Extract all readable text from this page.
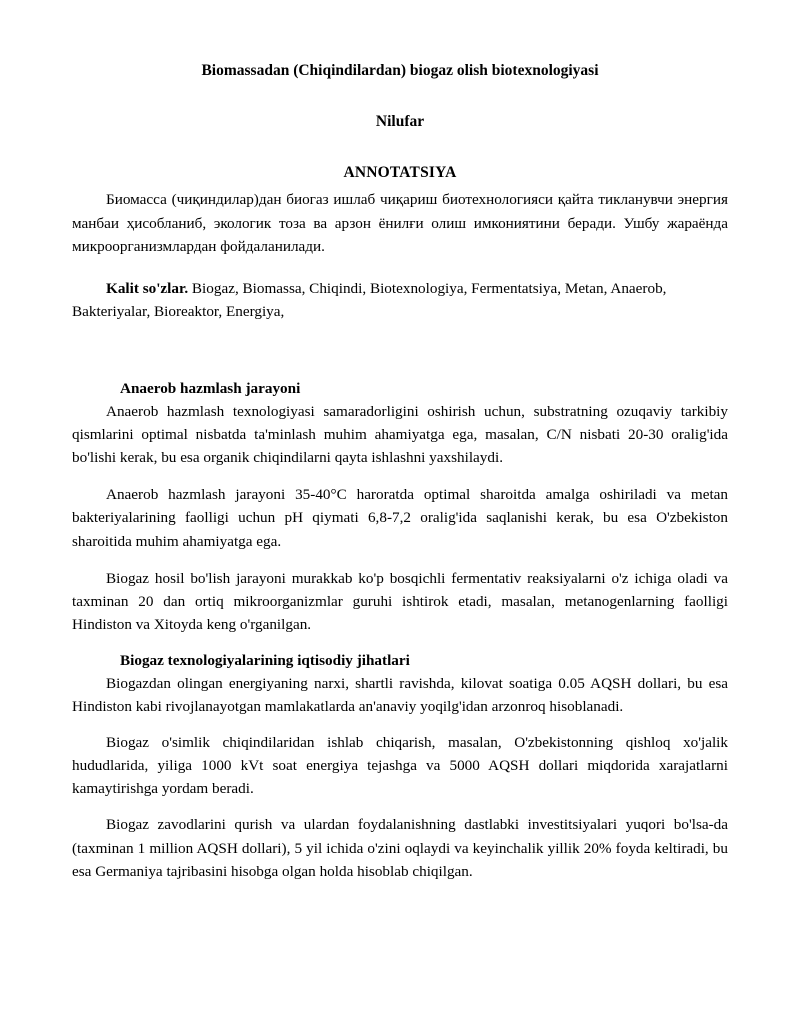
Biomassadan (Chiqindilardan) biogaz olish biotexnologiyasi
Nilufar
ANNOTATSIYA

Биомасса (чиқиндилар)дан биогаз ишлаб чиқариш биотехнологияси қайта тикланувчи энергия манбаи ҳисобланиб, экологик тоза ва арзон ёнилғи олиш имкониятини беради. Ушбу жараёнда микроорганизмлардан фойдаланилади.

Kalit so'zlar. Biogaz, Biomassa, Chiqindi, Biotexnologiya, Fermentatsiya, Metan, Anaerob, Bakteriyalar, Bioreaktor, Energiya,

Anaerob hazmlash jarayoni

Anaerob hazmlash texnologiyasi samaradorligini oshirish uchun, substratning ozuqaviy tarkibiy qismlarini optimal nisbatda ta'minlash muhim ahamiyatga ega, masalan, C/N nisbati 20-30 oralig'ida bo'lishi kerak, bu esa organik chiqindilarni qayta ishlashni yaxshilaydi.

Anaerob hazmlash jarayoni 35-40°C haroratda optimal sharoitda amalga oshiriladi va metan bakteriyalarining faolligi uchun pH qiymati 6,8-7,2 oralig'ida saqlanishi kerak, bu esa O'zbekiston sharoitida muhim ahamiyatga ega.

Biogaz hosil bo'lish jarayoni murakkab ko'p bosqichli fermentativ reaksiyalarni o'z ichiga oladi va taxminan 20 dan ortiq mikroorganizmlar guruhi ishtirok etadi, masalan, metanogenlarning faolligi Hindiston va Xitoyda keng o'rganilgan.

Biogaz texnologiyalarining iqtisodiy jihatlari

Biogazdan olingan energiyaning narxi, shartli ravishda, kilovat soatiga 0.05 AQSH dollari, bu esa Hindiston kabi rivojlanayotgan mamlakatlarda an'anaviy yoqilg'idan arzonroq hisoblanadi.

Biogaz o'simlik chiqindilaridan ishlab chiqarish, masalan, O'zbekistonning qishloq xo'jalik hududlarida, yiliga 1000 kVt soat energiya tejashga va 5000 AQSH dollari miqdorida xarajatlarni kamaytirishga yordam beradi.

Biogaz zavodlarini qurish va ulardan foydalanishning dastlabki investitsiyalari yuqori bo'lsa-da (taxminan 1 million AQSH dollari), 5 yil ichida o'zini oqlaydi va keyinchalik yillik 20% foyda keltiradi, bu esa Germaniya tajribasini hisobga olgan holda hisoblab chiqilgan.
